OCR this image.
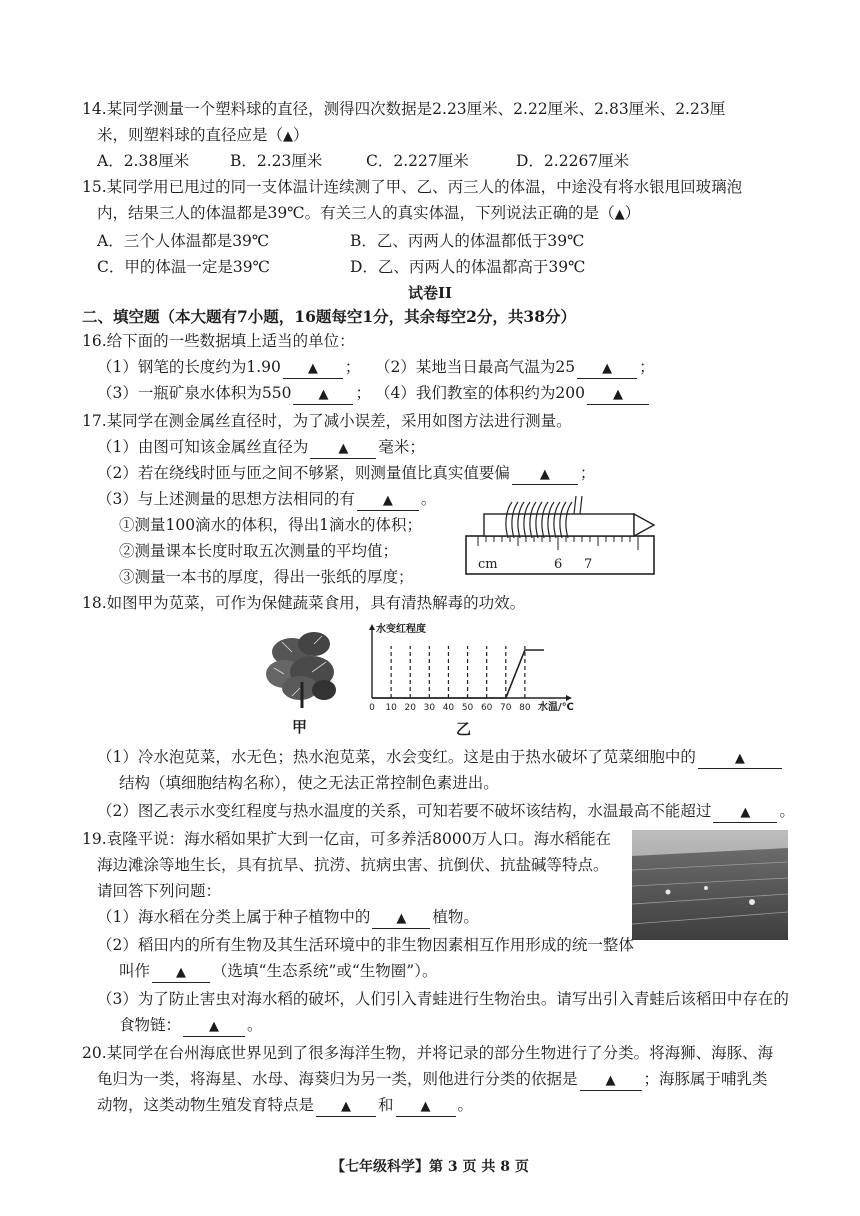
14.某同学测量一个塑料球的直径，测得四次数据是2.23厘米、2.22厘米、2.83厘米、2.23厘
米，则塑料球的直径应是（▲）
A．2.38厘米	B．2.23厘米	C．2.227厘米	D．2.2267厘米
15.某同学用已甩过的同一支体温计连续测了甲、乙、丙三人的体温，中途没有将水银甩回玻璃泡
内，结果三人的体温都是39℃。有关三人的真实体温，下列说法正确的是（▲）
A．三个人体温都是39℃	B．乙、丙两人的体温都低于39℃
C．甲的体温一定是39℃	D．乙、丙两人的体温都高于39℃
试卷II
二、填空题（本大题有7小题，16题每空1分，其余每空2分，共38分）
16.给下面的一些数据填上适当的单位：
（1）钢笔的长度约为1.90 ▲ ； （2）某地当日最高气温为25 ▲ ；
（3）一瓶矿泉水体积为550 ▲ ； （4）我们教室的体积约为200 ▲
17.某同学在测金属丝直径时，为了减小误差，采用如图方法进行测量。
（1）由图可知该金属丝直径为 ▲ 毫米；
（2）若在绕线时匝与匝之间不够紧，则测量值比真实值要偏 ▲ ；
（3）与上述测量的思想方法相同的有 ▲ 。
①测量100滴水的体积，得出1滴水的体积；
②测量课本长度时取五次测量的平均值；
③测量一本书的厚度，得出一张纸的厚度；
cm	6 7
18.如图甲为苋菜，可作为保健蔬菜食用，具有清热解毒的功效。
甲
0 10 20 30 40 50 60 70 80
水变红程度
水温/℃
乙
（1）冷水泡苋菜，水无色；热水泡苋菜，水会变红。这是由于热水破坏了苋菜细胞中的	▲
结构（填细胞结构名称），使之无法正常控制色素进出。
（2）图乙表示水变红程度与热水温度的关系，可知若要不破坏该结构，水温最高不能超过 ▲ 。
19.袁隆平说：海水稻如果扩大到一亿亩，可多养活8000万人口。海水稻能在
海边滩涂等地生长，具有抗旱、抗涝、抗病虫害、抗倒伏、抗盐碱等特点。
请回答下列问题：
（1）海水稻在分类上属于种子植物中的 ▲ 植物。
（2）稻田内的所有生物及其生活环境中的非生物因素相互作用形成的统一整体
叫作 ▲ （选填“生态系统”或“生物圈”）。
（3）为了防止害虫对海水稻的破坏，人们引入青蛙进行生物治虫。请写出引入青蛙后该稻田中存在的
食物链： ▲ 。
20.某同学在台州海底世界见到了很多海洋生物，并将记录的部分生物进行了分类。将海狮、海豚、海
龟归为一类，将海星、水母、海葵归为另一类，则他进行分类的依据是 ▲ ；海豚属于哺乳类
动物，这类动物生殖发育特点是 ▲ 和 ▲ 。
【七年级科学】第 3 页 共 8 页
